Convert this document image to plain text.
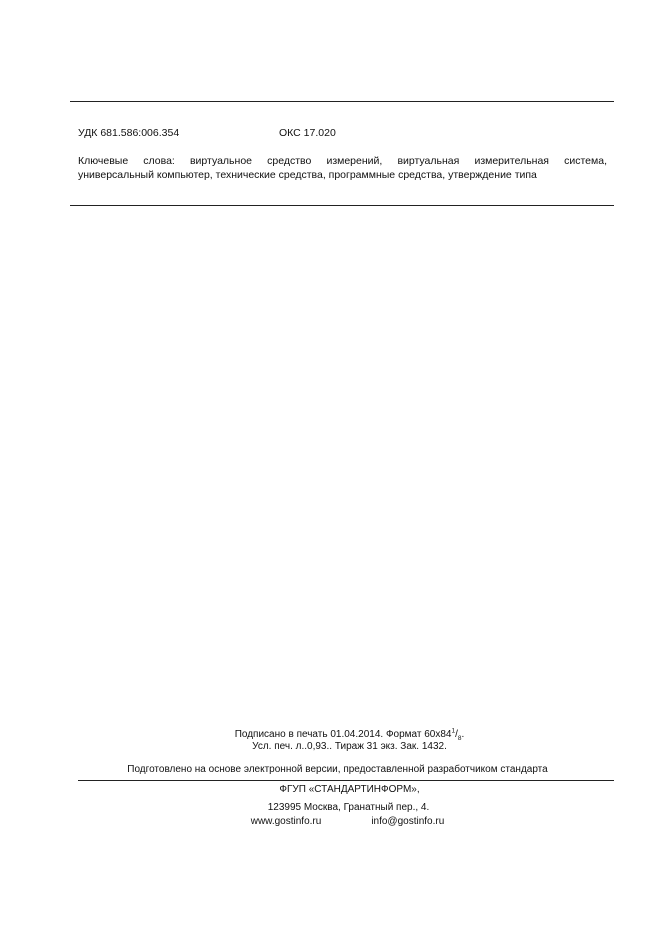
УДК 681.586:006.354	ОКС 17.020
Ключевые слова: виртуальное средство измерений, виртуальная измерительная система,
универсальный компьютер, технические средства, программные средства, утверждение типа
Подписано в печать 01.04.2014. Формат $60x84^1/_8$.
Усл. печ. л..0,93.. Тираж 31 экз. Зак. 1432.
Подготовлено на основе электронной версии, предоставленной разработчиком стандарта
ФГУП «СТАНДАРТИНФОРМ»,
123995 Москва, Гранатный пер., 4.
www.gostinfo.ru	info@gostinfo.ru
